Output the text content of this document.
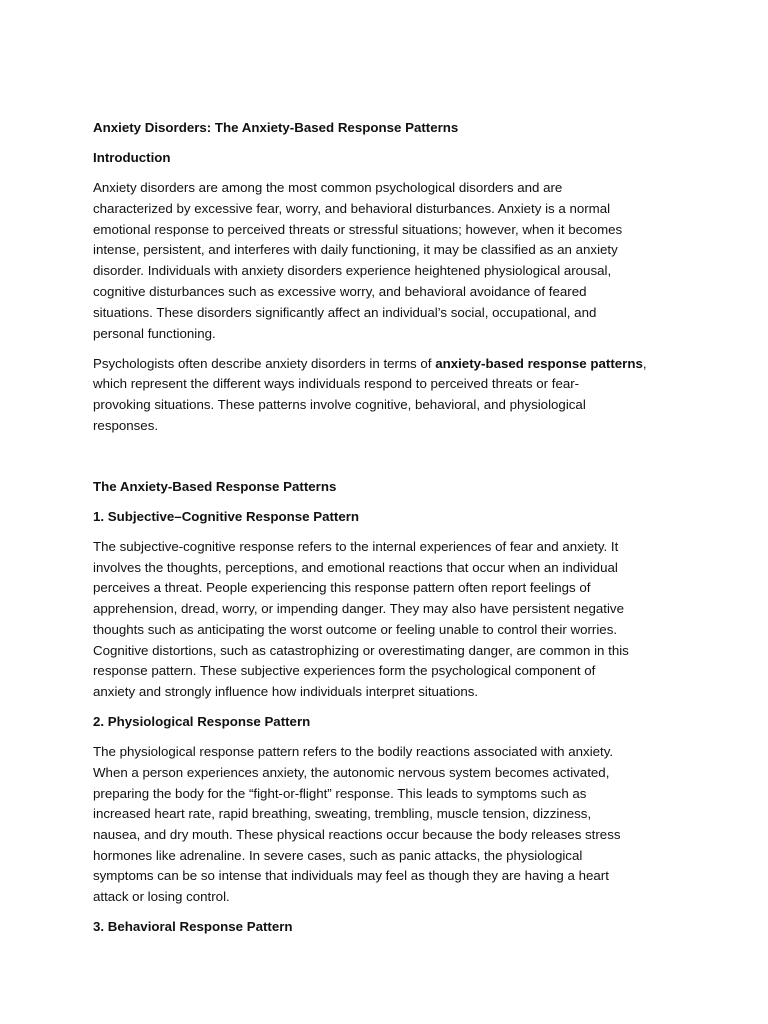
Anxiety Disorders: The Anxiety-Based Response Patterns
Introduction
Anxiety disorders are among the most common psychological disorders and are
characterized by excessive fear, worry, and behavioral disturbances. Anxiety is a normal
emotional response to perceived threats or stressful situations; however, when it becomes
intense, persistent, and interferes with daily functioning, it may be classified as an anxiety
disorder. Individuals with anxiety disorders experience heightened physiological arousal,
cognitive disturbances such as excessive worry, and behavioral avoidance of feared
situations. These disorders significantly affect an individual’s social, occupational, and
personal functioning.
Psychologists often describe anxiety disorders in terms of anxiety-based response patterns,
which represent the different ways individuals respond to perceived threats or fear-
provoking situations. These patterns involve cognitive, behavioral, and physiological
responses.
The Anxiety-Based Response Patterns
1. Subjective–Cognitive Response Pattern
The subjective-cognitive response refers to the internal experiences of fear and anxiety. It
involves the thoughts, perceptions, and emotional reactions that occur when an individual
perceives a threat. People experiencing this response pattern often report feelings of
apprehension, dread, worry, or impending danger. They may also have persistent negative
thoughts such as anticipating the worst outcome or feeling unable to control their worries.
Cognitive distortions, such as catastrophizing or overestimating danger, are common in this
response pattern. These subjective experiences form the psychological component of
anxiety and strongly influence how individuals interpret situations.
2. Physiological Response Pattern
The physiological response pattern refers to the bodily reactions associated with anxiety.
When a person experiences anxiety, the autonomic nervous system becomes activated,
preparing the body for the “fight-or-flight” response. This leads to symptoms such as
increased heart rate, rapid breathing, sweating, trembling, muscle tension, dizziness,
nausea, and dry mouth. These physical reactions occur because the body releases stress
hormones like adrenaline. In severe cases, such as panic attacks, the physiological
symptoms can be so intense that individuals may feel as though they are having a heart
attack or losing control.
3. Behavioral Response Pattern
